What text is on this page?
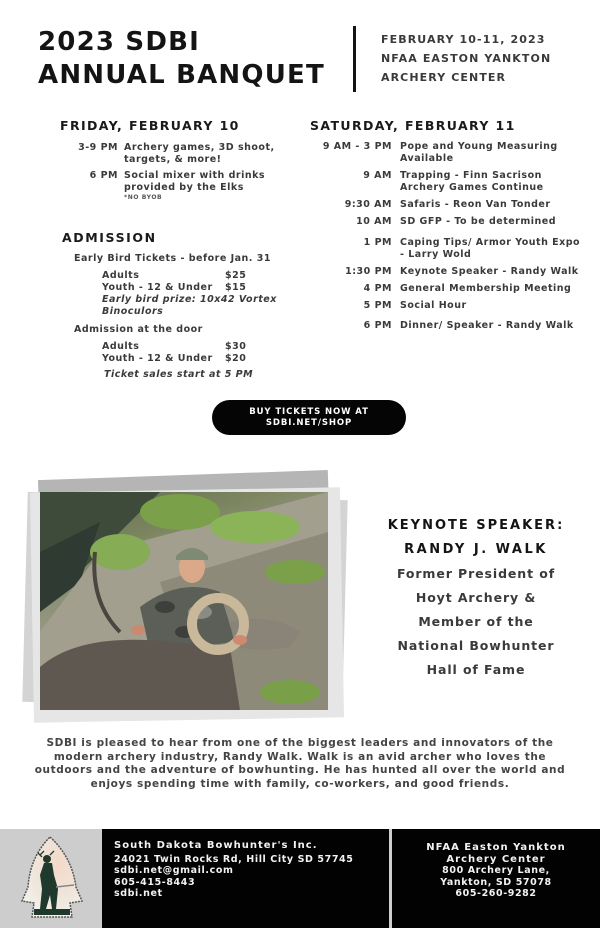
2023 SDBI
ANNUAL BANQUET
FEBRUARY 10-11, 2023
NFAA EASTON YANKTON
ARCHERY CENTER
FRIDAY, FEBRUARY 10
3-9 PM Archery games, 3D shoot, targets, & more!
6 PM Social mixer with drinks provided by the Elks
*NO BYOB
ADMISSION
Early Bird Tickets - before Jan. 31
Adults	$25
Youth - 12 & Under	$15
Early bird prize: 10x42 Vortex Binoculors
Admission at the door
Adults	$30
Youth - 12 & Under	$20
Ticket sales start at 5 PM
SATURDAY, FEBRUARY 11
9 AM - 3 PM Pope and Young Measuring Available
9 AM Trapping - Finn Sacrison Archery Games Continue
9:30 AM Safaris - Reon Van Tonder
10 AM SD GFP - To be determined
1 PM Caping Tips/ Armor Youth Expo - Larry Wold
1:30 PM Keynote Speaker - Randy Walk
4 PM General Membership Meeting
5 PM Social Hour
6 PM Dinner/ Speaker - Randy Walk
BUY TICKETS NOW AT
SDBI.NET/SHOP
KEYNOTE SPEAKER:
RANDY J. WALK
Former President of
Hoyt Archery &
Member of the
National Bowhunter
Hall of Fame
SDBI is pleased to hear from one of the biggest leaders and innovators of the modern archery industry, Randy Walk. Walk is an avid archer who loves the outdoors and the adventure of bowhunting. He has hunted all over the world and enjoys spending time with family, co-workers, and good friends.
South Dakota Bowhunter's Inc.
24021 Twin Rocks Rd, Hill City SD 57745
sdbi.net@gmail.com
605-415-8443
sdbi.net
NFAA Easton Yankton
Archery Center
800 Archery Lane,
Yankton, SD 57078
605-260-9282
